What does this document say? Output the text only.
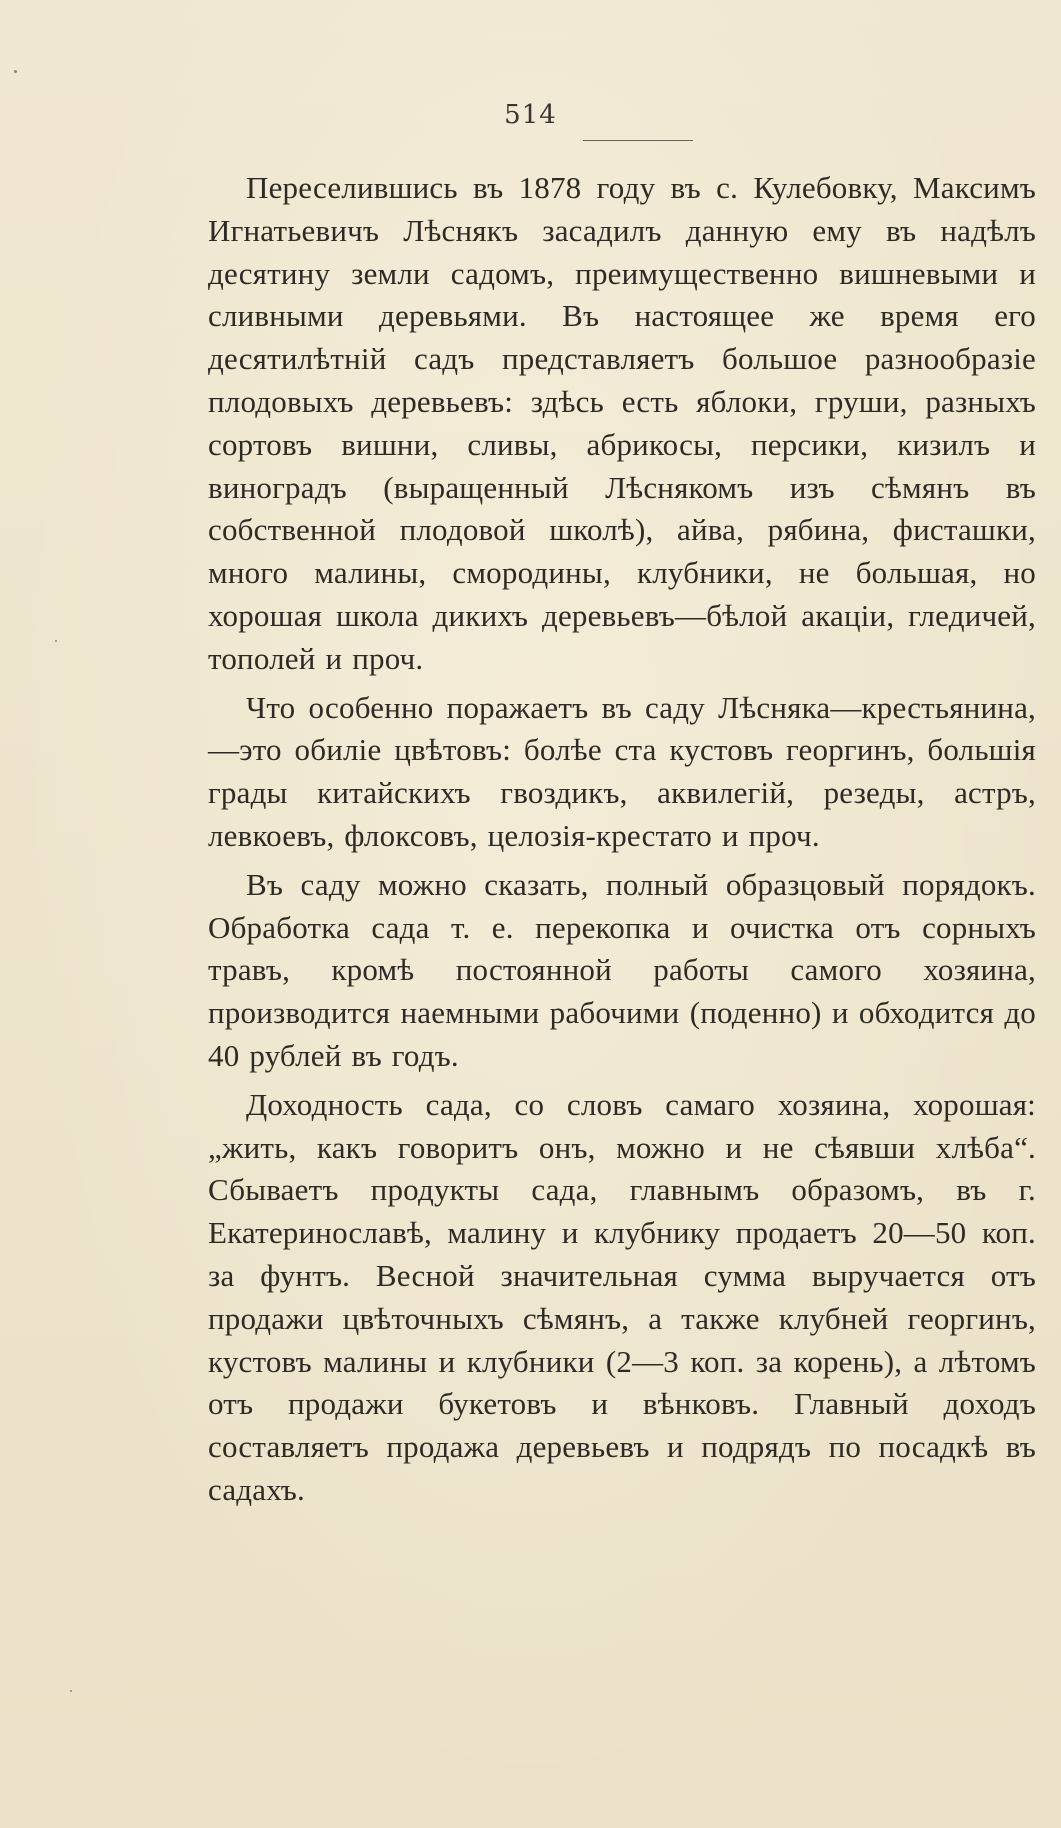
514

Переселившись въ 1878 году въ с. Кулебовку, Максимъ Игнатьевичъ Лѣснякъ засадилъ данную ему въ надѣлъ десятину земли садомъ, преимущественно вишневыми и сливными деревьями. Въ настоящее же время его десятилѣтній садъ представляетъ большое разнообразіе плодовыхъ деревьевъ: здѣсь есть яблоки, груши, разныхъ сортовъ вишни, сливы, абрикосы, персики, кизилъ и виноградъ (выращенный Лѣснякомъ изъ сѣмянъ въ собственной плодовой школѣ), айва, рябина, фисташки, много малины, смородины, клубники, не большая, но хорошая школа дикихъ деревьевъ—бѣлой акаціи, гледичей, тополей и проч.

Что особенно поражаетъ въ саду Лѣсняка—крестьянина,—это обиліе цвѣтовъ: болѣе ста кустовъ георгинъ, большія грады китайскихъ гвоздикъ, аквилегій, резеды, астръ, левкоевъ, флоксовъ, целозія-крестато и проч.

Въ саду можно сказать, полный образцовый порядокъ. Обработка сада т. е. перекопка и очистка отъ сорныхъ травъ, кромѣ постоянной работы самого хозяина, производится наемными рабочими (поденно) и обходится до 40 рублей въ годъ.

Доходность сада, со словъ самаго хозяина, хорошая: „жить, какъ говоритъ онъ, можно и не сѣявши хлѣба“. Сбываетъ продукты сада, главнымъ образомъ, въ г. Екатеринославѣ, малину и клубнику продаетъ 20—50 коп. за фунтъ. Весной значительная сумма выручается отъ продажи цвѣточныхъ сѣмянъ, а также клубней георгинъ, кустовъ малины и клубники (2—3 коп. за корень), а лѣтомъ отъ продажи букетовъ и вѣнковъ. Главный доходъ составляетъ продажа деревьевъ и подрядъ по посадкѣ въ садахъ.
